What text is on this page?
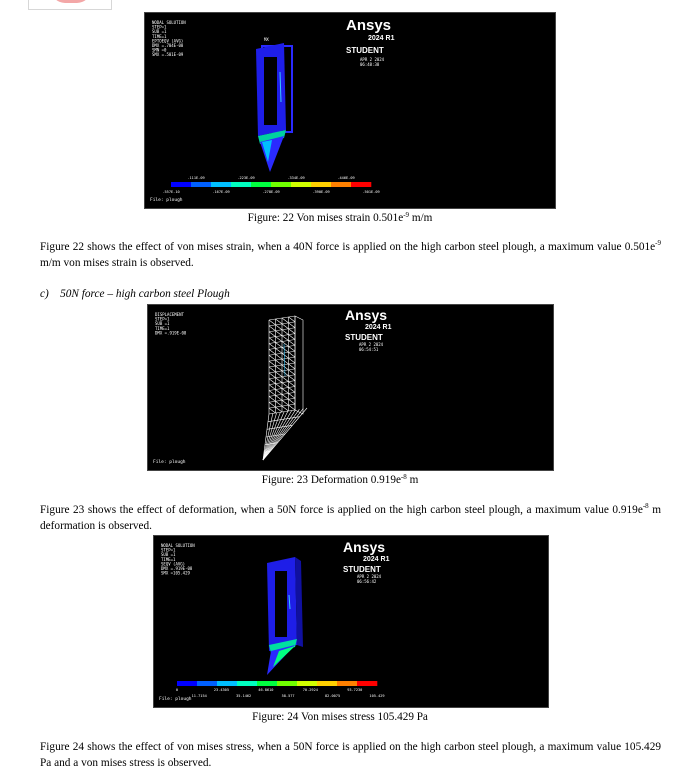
NODAL SOLUTION
STEP=1
SUB =1
TIME=1
EPTOEQV (AVG)
DMX =.704E-08
SMN =0
SMX =.501E-09
Ansys
2024 R1
STUDENT
APR 2 2024
06:48:38
MX
.111E-09	.223E-09	.334E-09	.446E-09
.557E-10	.167E-09	.278E-09	.390E-09	.501E-09
File: plough
Figure: 22 Von mises strain $0.501e^{-9}$ m/m
Figure 22 shows the effect of von mises strain, when a 40N force is applied on the high carbon steel plough, a maximum value $0.501e^{-9}$ m/m von mises strain is observed.
c) 50N force – high carbon steel Plough
DISPLACEMENT
STEP=1
SUB =1
TIME=1
DMX =.919E-08
Ansys
2024 R1
STUDENT
APR 2 2024
06:54:51
File: plough
Figure: 23 Deformation $0.919e^{-8}$ m
Figure 23 shows the effect of deformation, when a 50N force is applied on the high carbon steel plough, a maximum value $0.919e^{-8}$ m deformation is observed.
NODAL SOLUTION
STEP=1
SUB =1
TIME=1
SEQV (AVG)
DMX =.919E-08
SMX =105.429
Ansys
2024 R1
STUDENT
APR 2 2024
06:56:42
0	23.4305	46.8610	70.2924	93.7230
11.7154	35.1462	58.577	82.0075	105.429
File: plough
Figure: 24 Von mises stress 105.429 Pa
Figure 24 shows the effect of von mises stress, when a 50N force is applied on the high carbon steel plough, a maximum value 105.429 Pa and a von mises stress is observed.
